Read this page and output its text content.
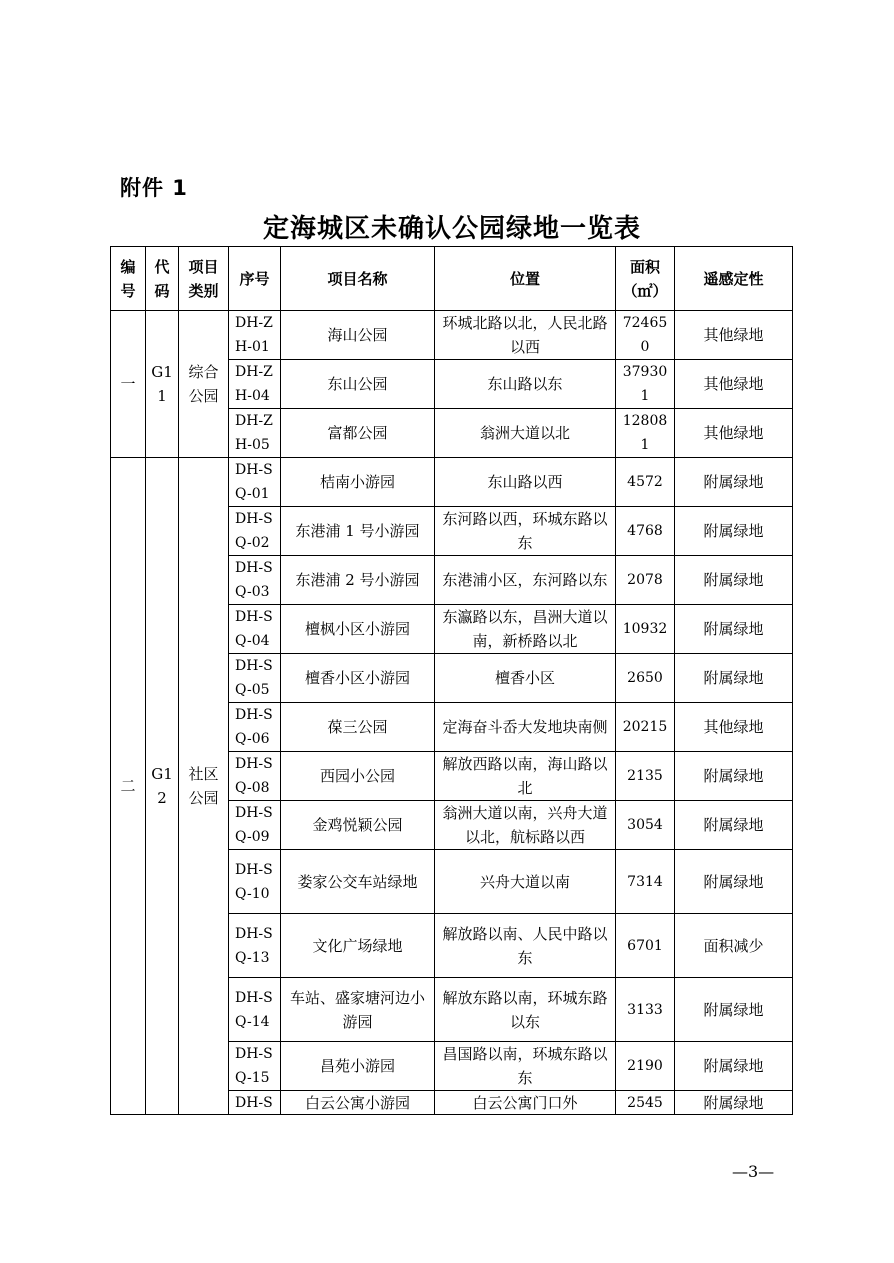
附件 1
定海城区未确认公园绿地一览表
编号	代码	项目类别	序号	项目名称	位置	面积（㎡）	遥感定性
一	G11	综合公园	DH-ZH-01	海山公园	环城北路以北，人民北路以西	724650	其他绿地
			DH-ZH-04	东山公园	东山路以东	379301	其他绿地
			DH-ZH-05	富都公园	翁洲大道以北	128081	其他绿地
二	G12	社区公园	DH-SQ-01	桔南小游园	东山路以西	4572	附属绿地
			DH-SQ-02	东港浦 1 号小游园	东河路以西，环城东路以东	4768	附属绿地
			DH-SQ-03	东港浦 2 号小游园	东港浦小区，东河路以东	2078	附属绿地
			DH-SQ-04	檀枫小区小游园	东瀛路以东，昌洲大道以南，新桥路以北	10932	附属绿地
			DH-SQ-05	檀香小区小游园	檀香小区	2650	附属绿地
			DH-SQ-06	葆三公园	定海奋斗岙大发地块南侧	20215	其他绿地
			DH-SQ-08	西园小公园	解放西路以南，海山路以北	2135	附属绿地
			DH-SQ-09	金鸡悦颖公园	翁洲大道以南，兴舟大道以北，航标路以西	3054	附属绿地
			DH-SQ-10	娄家公交车站绿地	兴舟大道以南	7314	附属绿地
			DH-SQ-13	文化广场绿地	解放路以南、人民中路以东	6701	面积减少
			DH-SQ-14	车站、盛家塘河边小游园	解放东路以南，环城东路以东	3133	附属绿地
			DH-SQ-15	昌苑小游园	昌国路以南，环城东路以东	2190	附属绿地
			DH-S	白云公寓小游园	白云公寓门口外	2545	附属绿地
—3—
